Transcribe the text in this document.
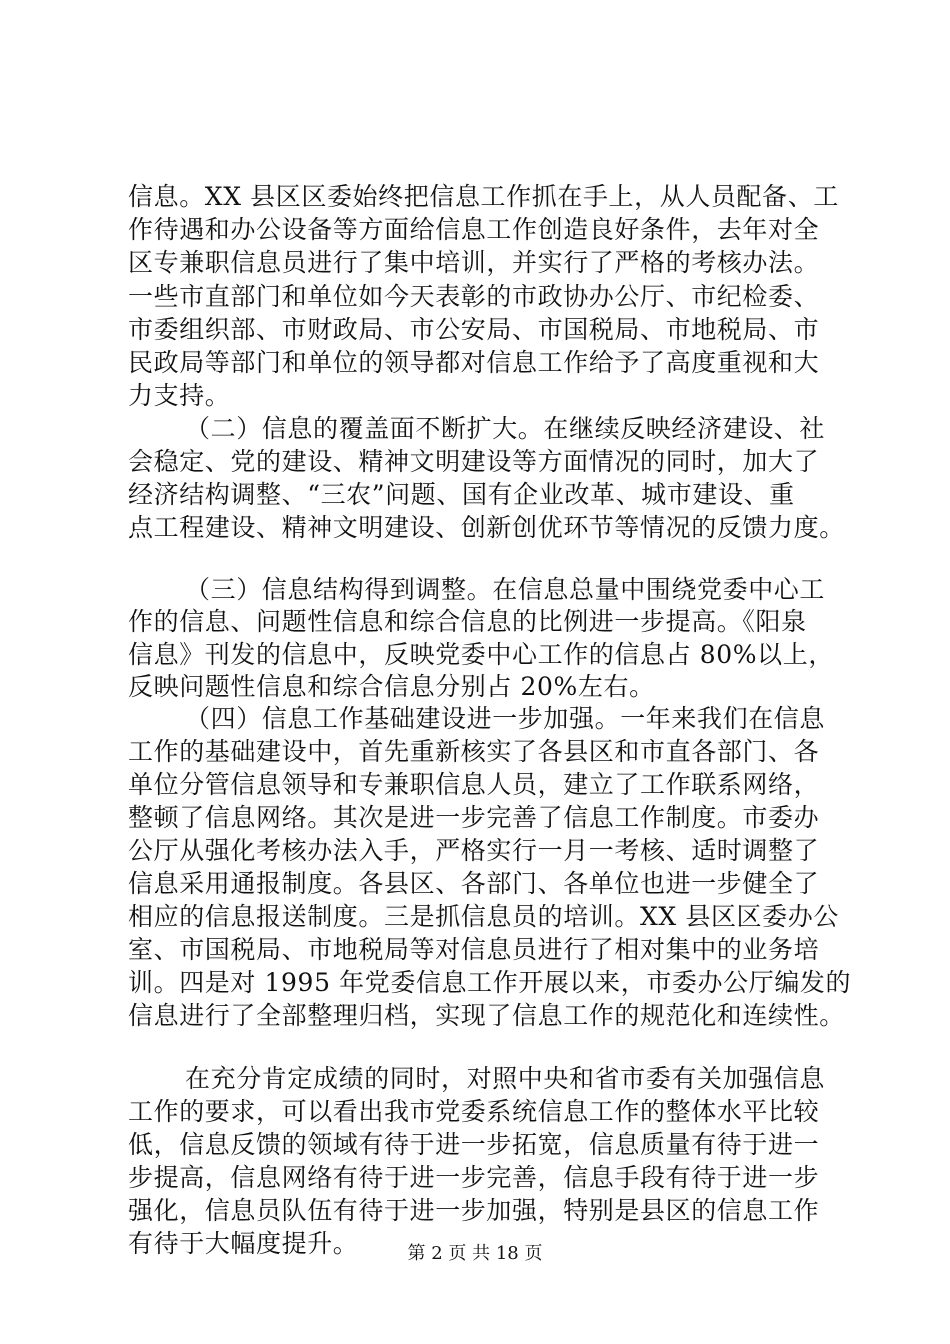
信息。XX 县区区委始终把信息工作抓在手上，从人员配备、工
作待遇和办公设备等方面给信息工作创造良好条件，去年对全
区专兼职信息员进行了集中培训，并实行了严格的考核办法。
一些市直部门和单位如今天表彰的市政协办公厅、市纪检委、
市委组织部、市财政局、市公安局、市国税局、市地税局、市
民政局等部门和单位的领导都对信息工作给予了高度重视和大
力支持。
（二）信息的覆盖面不断扩大。在继续反映经济建设、社
会稳定、党的建设、精神文明建设等方面情况的同时，加大了
经济结构调整、“三农”问题、国有企业改革、城市建设、重
点工程建设、精神文明建设、创新创优环节等情况的反馈力度。
（三）信息结构得到调整。在信息总量中围绕党委中心工
作的信息、问题性信息和综合信息的比例进一步提高。《阳泉
信息》刊发的信息中，反映党委中心工作的信息占 80%以上，
反映问题性信息和综合信息分别占 20%左右。
（四）信息工作基础建设进一步加强。一年来我们在信息
工作的基础建设中，首先重新核实了各县区和市直各部门、各
单位分管信息领导和专兼职信息人员，建立了工作联系网络，
整顿了信息网络。其次是进一步完善了信息工作制度。市委办
公厅从强化考核办法入手，严格实行一月一考核、适时调整了
信息采用通报制度。各县区、各部门、各单位也进一步健全了
相应的信息报送制度。三是抓信息员的培训。XX 县区区委办公
室、市国税局、市地税局等对信息员进行了相对集中的业务培
训。四是对 1995 年党委信息工作开展以来，市委办公厅编发的
信息进行了全部整理归档，实现了信息工作的规范化和连续性。
在充分肯定成绩的同时，对照中央和省市委有关加强信息
工作的要求，可以看出我市党委系统信息工作的整体水平比较
低，信息反馈的领域有待于进一步拓宽，信息质量有待于进一
步提高，信息网络有待于进一步完善，信息手段有待于进一步
强化，信息员队伍有待于进一步加强，特别是县区的信息工作
有待于大幅度提升。	第 2 页 共 18 页
